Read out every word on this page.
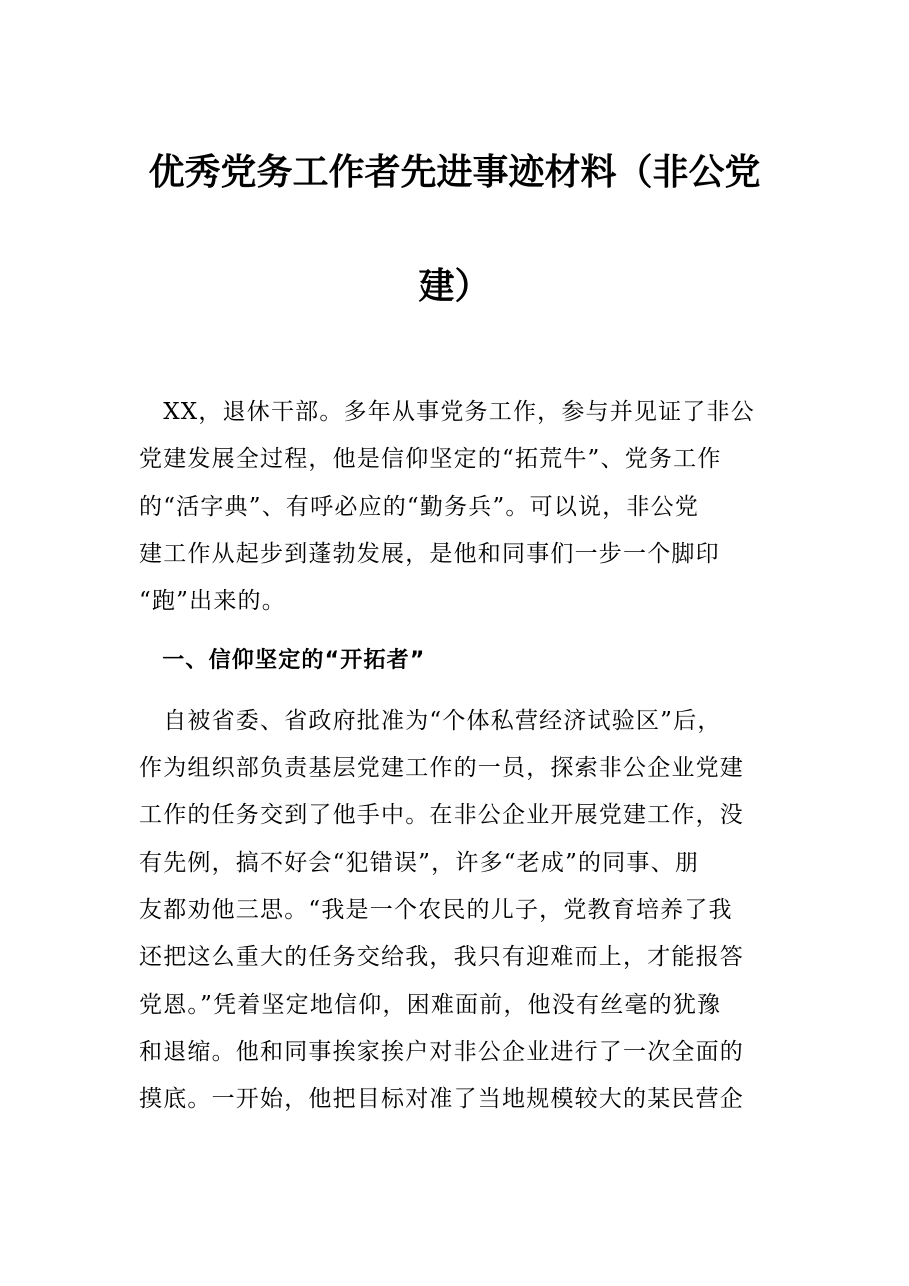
优秀党务工作者先进事迹材料（非公党
建）
　XX，退休干部。多年从事党务工作，参与并见证了非公
党建发展全过程，他是信仰坚定的“拓荒牛”、党务工作
的“活字典”、有呼必应的“勤务兵”。可以说，非公党
建工作从起步到蓬勃发展，是他和同事们一步一个脚印
“跑”出来的。
　一、信仰坚定的“开拓者”
　自被省委、省政府批准为“个体私营经济试验区”后，
作为组织部负责基层党建工作的一员，探索非公企业党建
工作的任务交到了他手中。在非公企业开展党建工作，没
有先例，搞不好会“犯错误”，许多“老成”的同事、朋
友都劝他三思。“我是一个农民的儿子，党教育培养了我
还把这么重大的任务交给我，我只有迎难而上，才能报答
党恩。”凭着坚定地信仰，困难面前，他没有丝毫的犹豫
和退缩。他和同事挨家挨户对非公企业进行了一次全面的
摸底。一开始，他把目标对准了当地规模较大的某民营企
